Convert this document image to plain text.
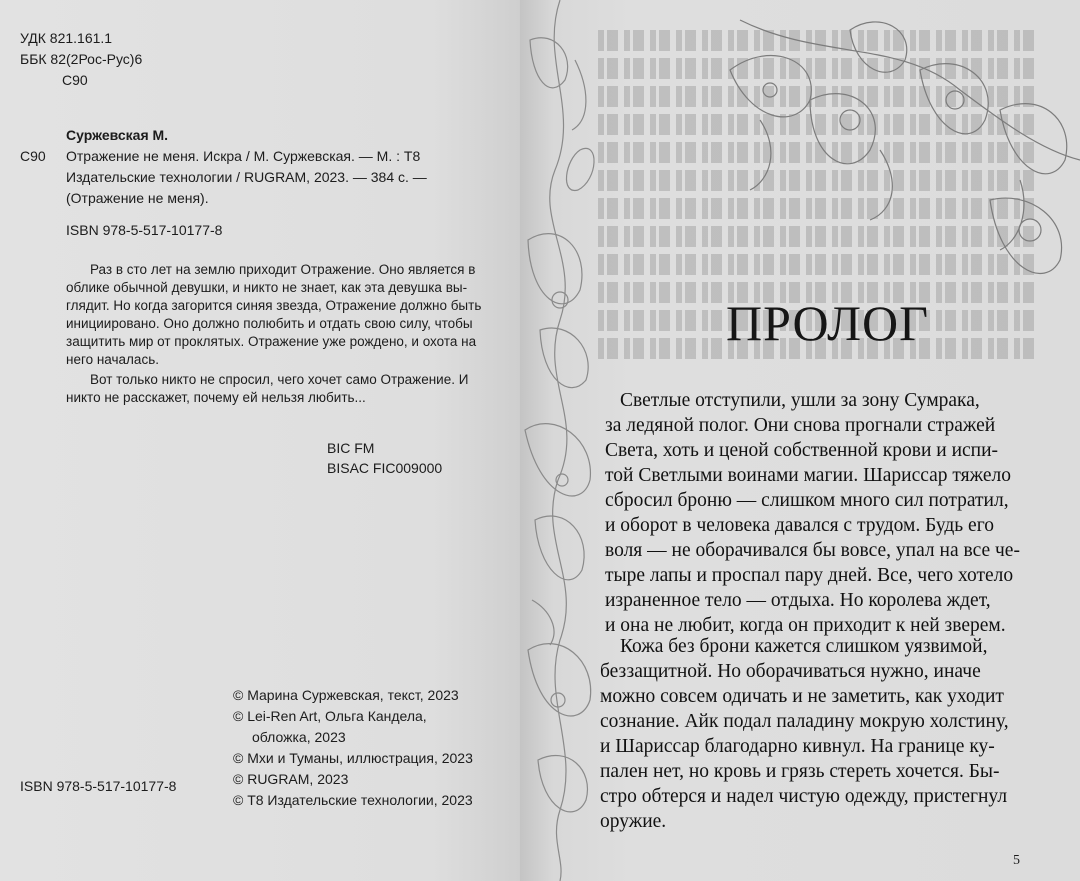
УДК 821.161.1
ББК 82(2Рос-Рус)6
С90
Суржевская М.
С90 Отражение не меня. Искра / М. Суржевская. — М. : Т8
Издательские технологии / RUGRAM, 2023. — 384 с. —
(Отражение не меня).
ISBN 978-5-517-10177-8
Раз в сто лет на землю приходит Отражение. Оно является в
облике обычной девушки, и никто не знает, как эта девушка вы-
глядит. Но когда загорится синяя звезда, Отражение должно быть
инициировано. Оно должно полюбить и отдать свою силу, чтобы
защитить мир от проклятых. Отражение уже рождено, и охота на
него началась.
Вот только никто не спросил, чего хочет само Отражение. И
никто не расскажет, почему ей нельзя любить...
BIC FM
BISAC FIC009000
© Марина Суржевская, текст, 2023
© Lei-Ren Art, Ольга Кандела,
обложка, 2023
© Мхи и Туманы, иллюстрация, 2023
© RUGRAM, 2023
© Т8 Издательские технологии, 2023
ISBN 978-5-517-10177-8
ПРОЛОГ
Светлые отступили, ушли за зону Сумрака,
за ледяной полог. Они снова прогнали стражей
Света, хоть и ценой собственной крови и испи-
той Светлыми воинами магии. Шариссар тяжело
сбросил броню — слишком много сил потратил,
и оборот в человека давался с трудом. Будь его
воля — не оборачивался бы вовсе, упал на все че-
тыре лапы и проспал пару дней. Все, чего хотело
израненное тело — отдыха. Но королева ждет,
и она не любит, когда он приходит к ней зверем.
Кожа без брони кажется слишком уязвимой,
беззащитной. Но оборачиваться нужно, иначе
можно совсем одичать и не заметить, как уходит
сознание. Айк подал паладину мокрую холстину,
и Шариссар благодарно кивнул. На границе ку-
пален нет, но кровь и грязь стереть хочется. Бы-
стро обтерся и надел чистую одежду, пристегнул
оружие.
5
